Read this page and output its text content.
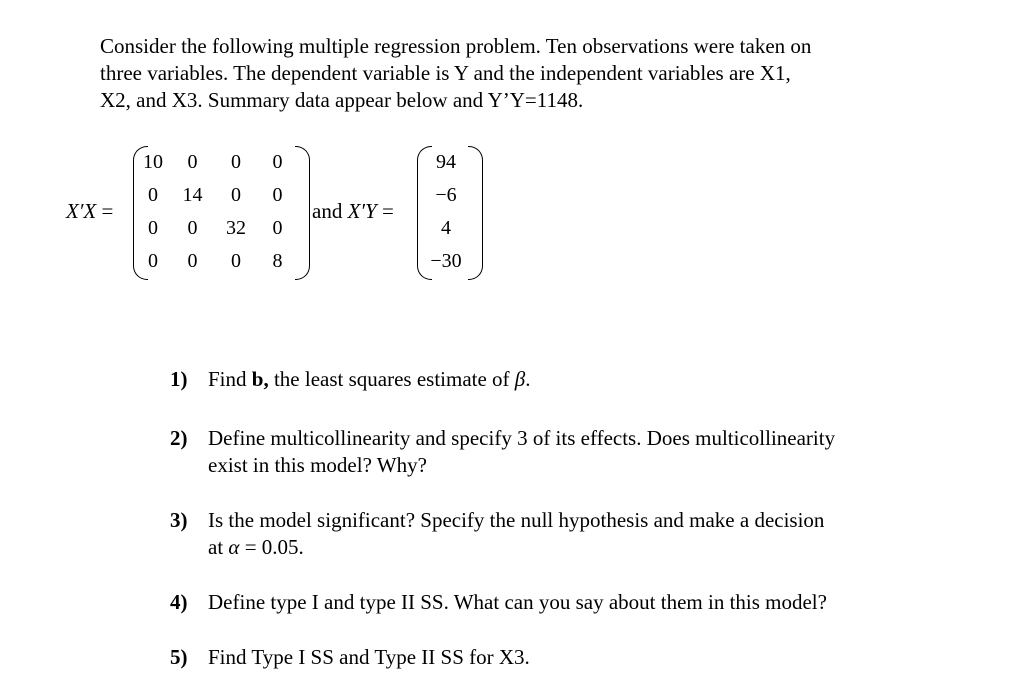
Consider the following multiple regression problem. Ten observations were taken on

three variables. The dependent variable is Y and the independent variables are X1,

X2, and X3. Summary data appear below and Y’Y=1148.

X′X =
10 0 0 0
0 14 0 0
0 0 32 0
0 0 0 8
and X′Y =
94
−6
4
−30
1) Find b, the least squares estimate of β.
2) Define multicollinearity and specify 3 of its effects. Does multicollinearity
exist in this model? Why?
3) Is the model significant? Specify the null hypothesis and make a decision
at α = 0.05.
4) Define type I and type II SS. What can you say about them in this model?
5) Find Type I SS and Type II SS for X3.
